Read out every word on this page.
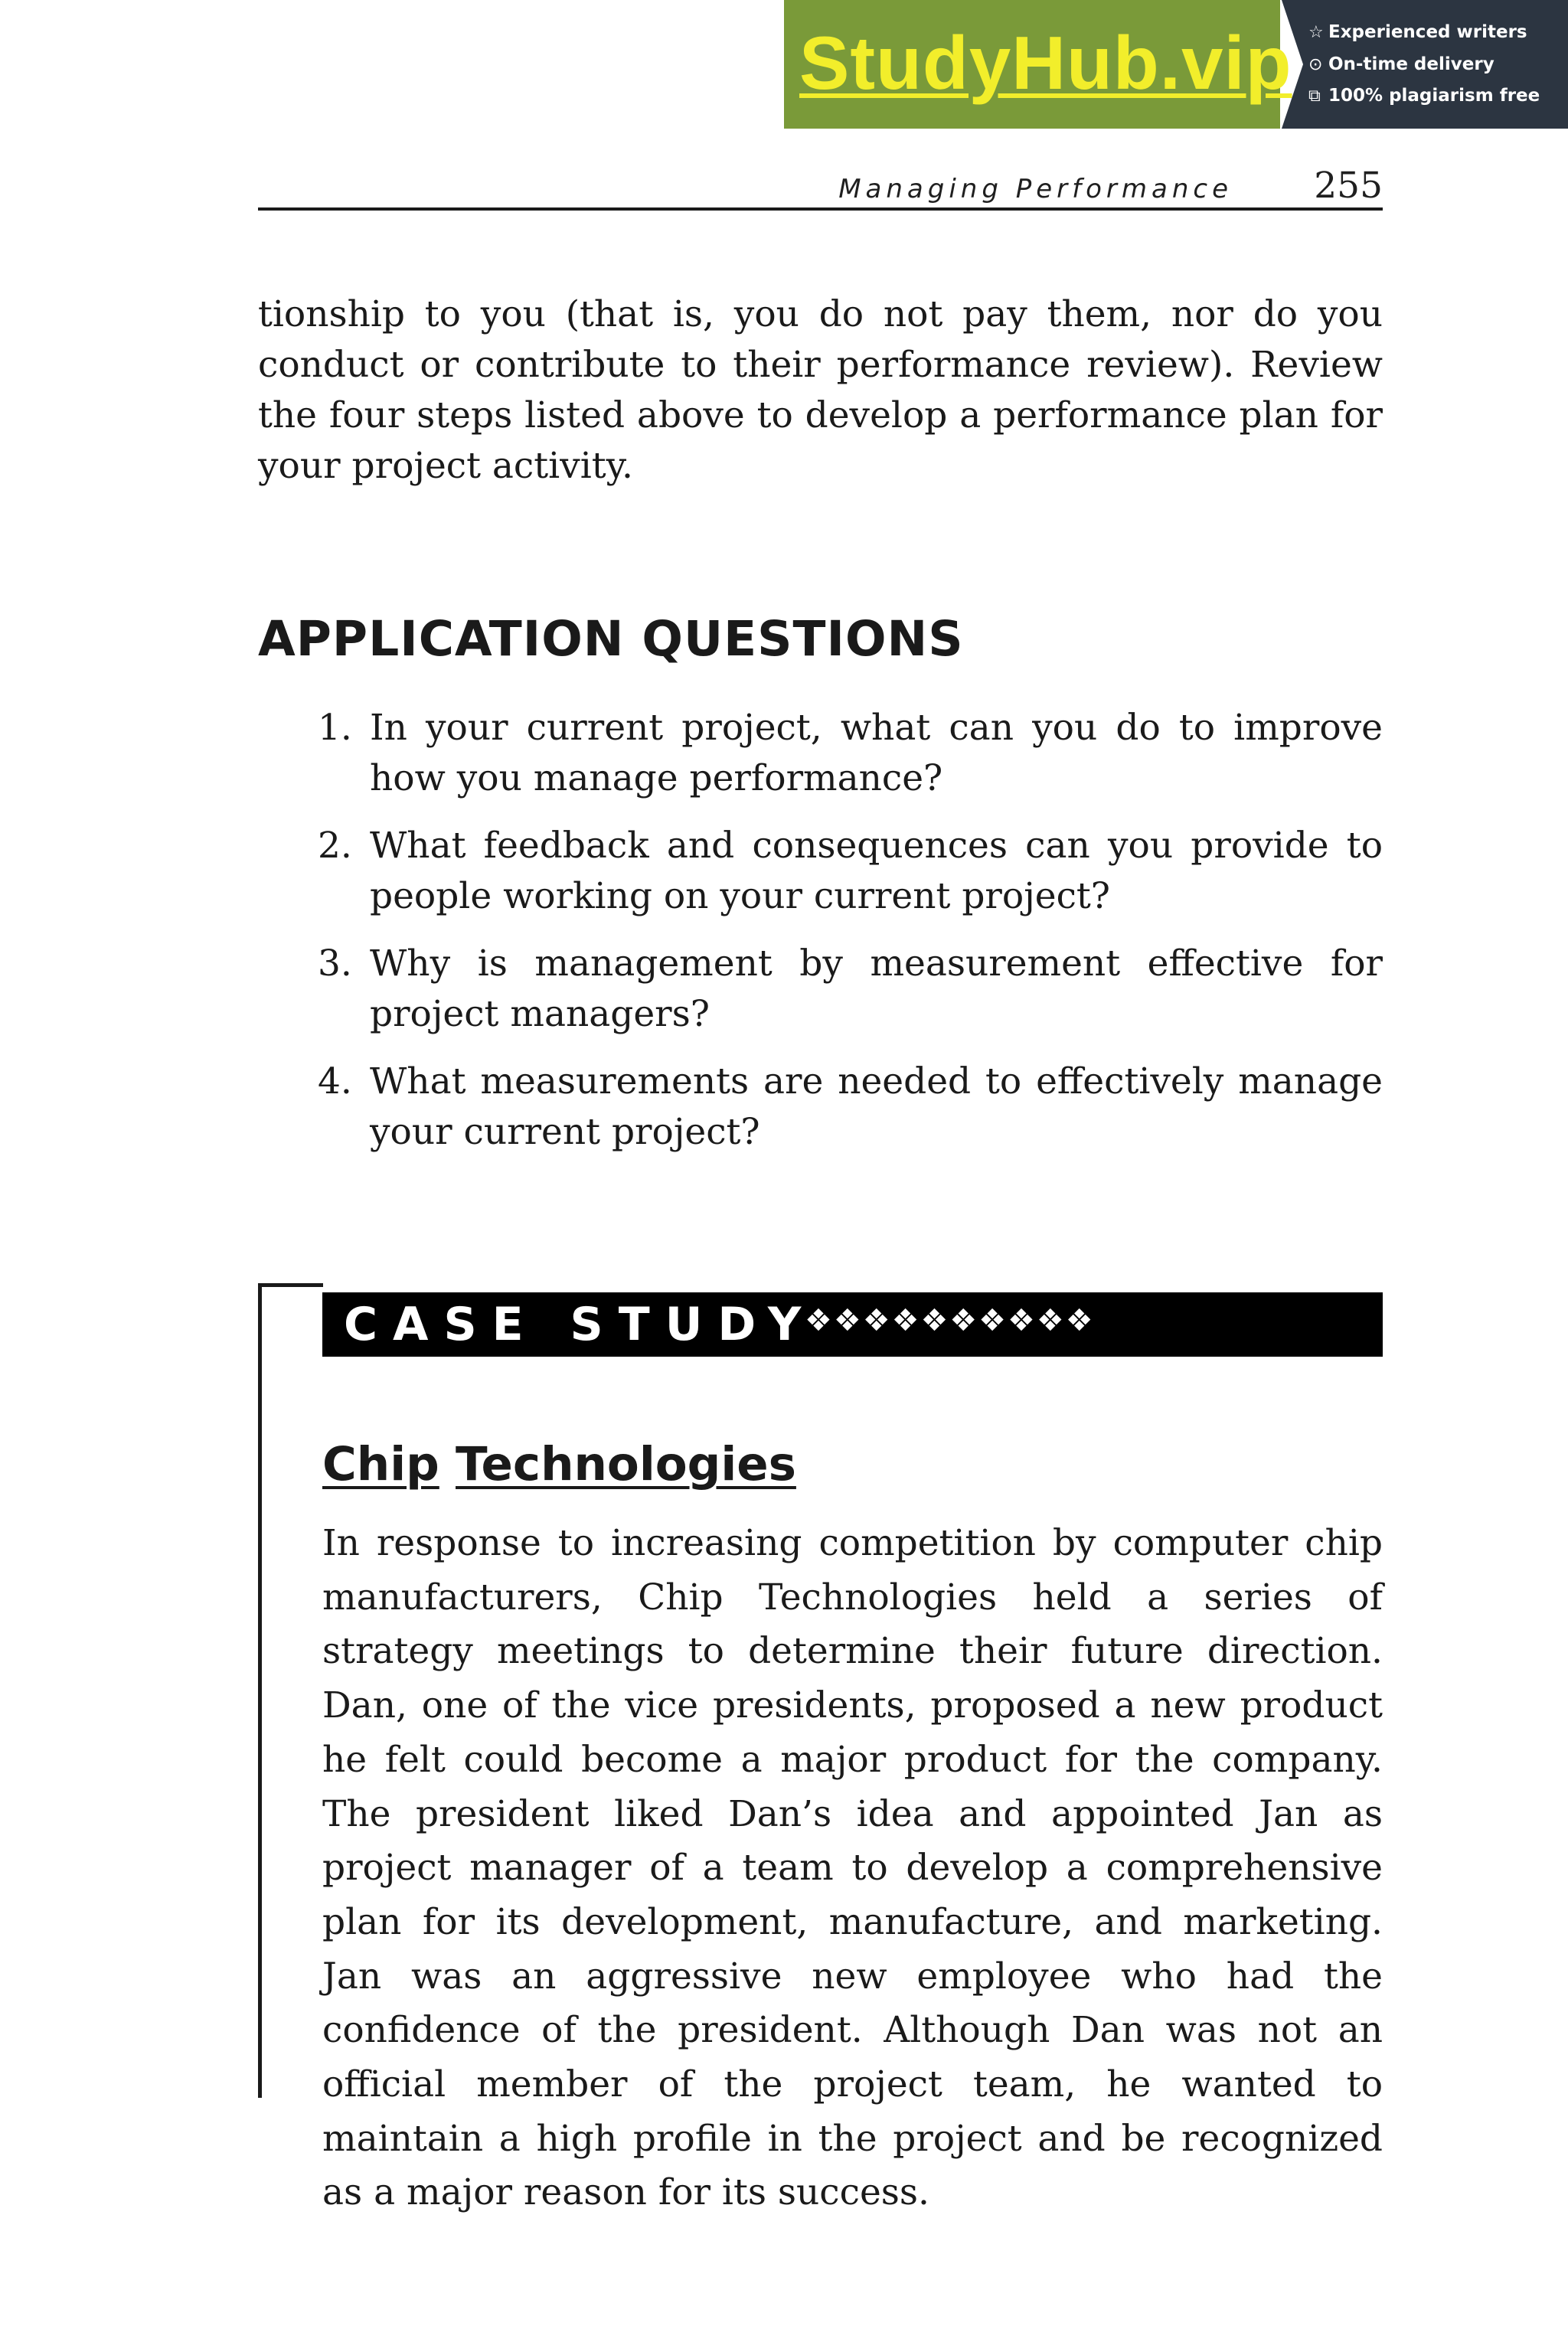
StudyHub.vip ☆ Experienced writers
⊙ On-time delivery
⧉ 100% plagiarism free
Managing Performance	255

tionship to you (that is, you do not pay them, nor do you conduct or contribute to their performance review). Review the four steps listed above to develop a performance plan for your project activity.

APPLICATION QUESTIONS
1. In your current project, what can you do to improve how you manage performance?
2. What feedback and consequences can you provide to people working on your current project?
3. Why is management by measurement effective for project managers?
4. What measurements are needed to effectively manage your current project?
CASE STUDY
❖❖❖❖❖❖❖❖❖❖
Chip Technologies

In response to increasing competition by computer chip manufacturers, Chip Technologies held a series of strategy meetings to determine their future direction. Dan, one of the vice presidents, proposed a new product he felt could become a major product for the company. The president liked Dan’s idea and appointed Jan as project manager of a team to develop a comprehensive plan for its development, manufacture, and marketing. Jan was an aggressive new employee who had the confidence of the president. Although Dan was not an official member of the project team, he wanted to maintain a high profile in the project and be recognized as a major reason for its success.
